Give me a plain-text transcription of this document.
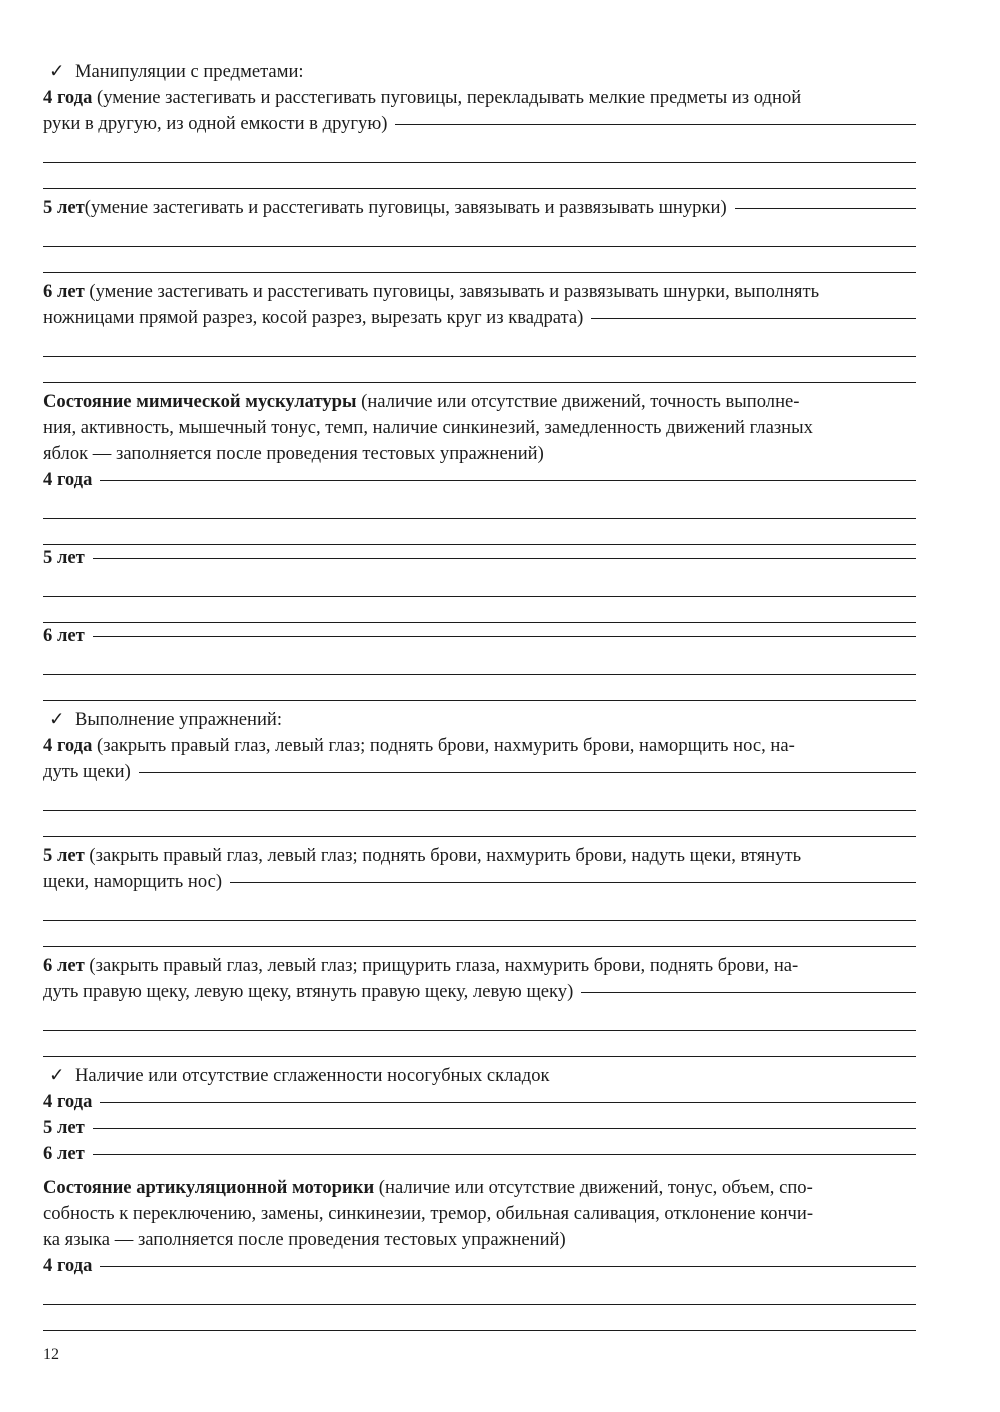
✓ Манипуляции с предметами:
4 года (умение застегивать и расстегивать пуговицы, перекладывать мелкие предметы из одной
руки в другую, из одной емкости в другую)
5 лет (умение застегивать и расстегивать пуговицы, завязывать и развязывать шнурки)
6 лет (умение застегивать и расстегивать пуговицы, завязывать и развязывать шнурки, выполнять
ножницами прямой разрез, косой разрез, вырезать круг из квадрата)
Состояние мимической мускулатуры (наличие или отсутствие движений, точность выполне-
ния, активность, мышечный тонус, темп, наличие синкинезий, замедленность движений глазных
яблок — заполняется после проведения тестовых упражнений)
4 года
5 лет
6 лет
✓ Выполнение упражнений:
4 года (закрыть правый глаз, левый глаз; поднять брови, нахмурить брови, наморщить нос, на-
дуть щеки)
5 лет (закрыть правый глаз, левый глаз; поднять брови, нахмурить брови, надуть щеки, втянуть
щеки, наморщить нос)
6 лет (закрыть правый глаз, левый глаз; прищурить глаза, нахмурить брови, поднять брови, на-
дуть правую щеку, левую щеку, втянуть правую щеку, левую щеку)
✓ Наличие или отсутствие сглаженности носогубных складок
4 года
5 лет
6 лет
Состояние артикуляционной моторики (наличие или отсутствие движений, тонус, объем, спо-
собность к переключению, замены, синкинезии, тремор, обильная саливация, отклонение кончи-
ка языка — заполняется после проведения тестовых упражнений)
4 года
12
